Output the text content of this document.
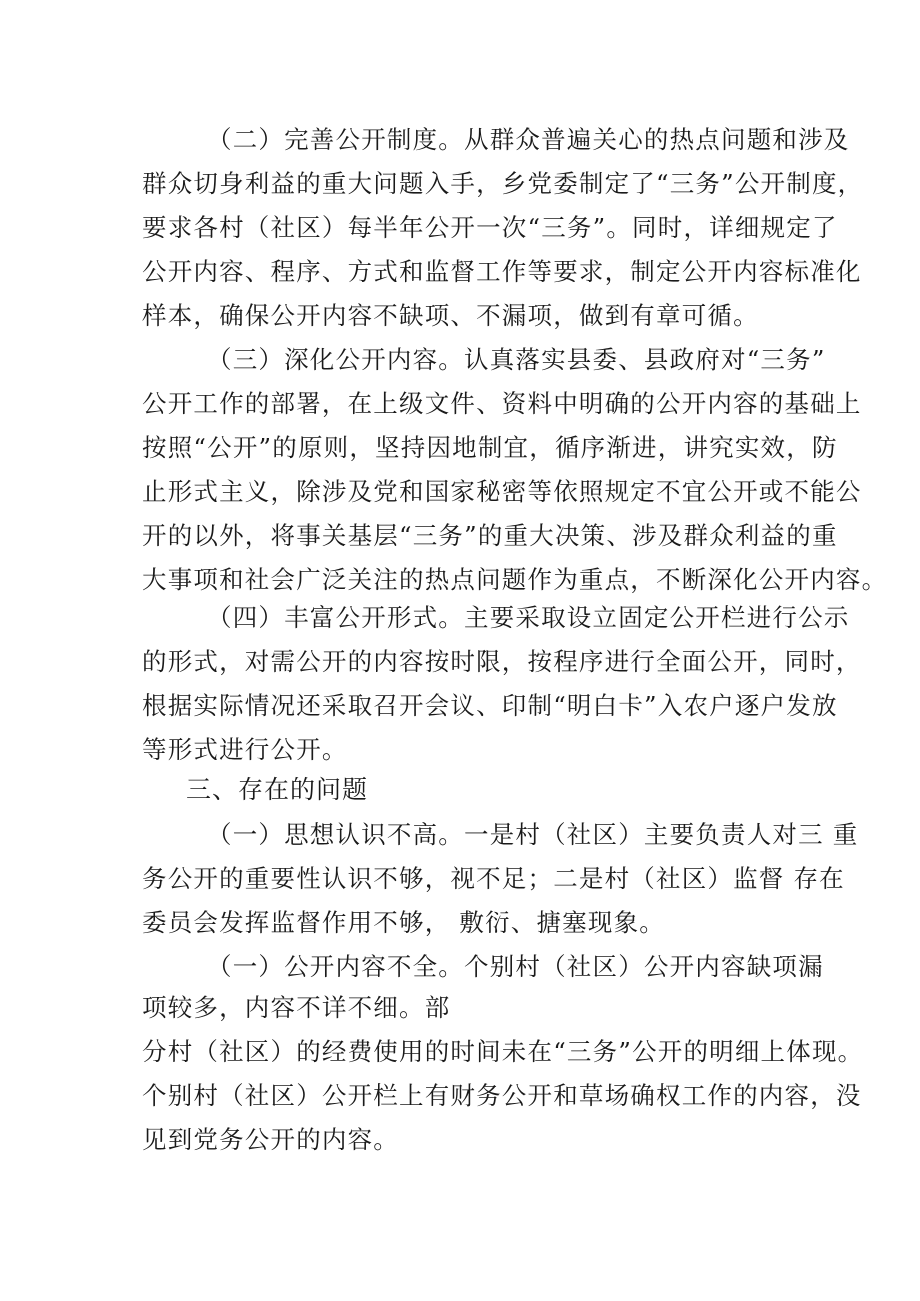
（二）完善公开制度。从群众普遍关心的热点问题和涉及
群众切身利益的重大问题入手，乡党委制定了“三务”公开制度，
要求各村（社区）每半年公开一次“三务”。同时，详细规定了
公开内容、程序、方式和监督工作等要求，制定公开内容标准化
样本，确保公开内容不缺项、不漏项，做到有章可循。
（三）深化公开内容。认真落实县委、县政府对“三务”
公开工作的部署，在上级文件、资料中明确的公开内容的基础上
按照“公开”的原则，坚持因地制宜，循序渐进，讲究实效，防
止形式主义，除涉及党和国家秘密等依照规定不宜公开或不能公
开的以外，将事关基层“三务”的重大决策、涉及群众利益的重
大事项和社会广泛关注的热点问题作为重点，不断深化公开内容。
（四）丰富公开形式。主要采取设立固定公开栏进行公示
的形式，对需公开的内容按时限，按程序进行全面公开，同时，
根据实际情况还采取召开会议、印制“明白卡”入农户逐户发放
等形式进行公开。
三、存在的问题
（一）思想认识不高。一是村（社区）主要负责人对三 重
务公开的重要性认识不够，视不足；二是村（社区）监督 存在
委员会发挥监督作用不够， 敷衍、搪塞现象。
（一）公开内容不全。个别村（社区）公开内容缺项漏
项较多，内容不详不细。部
分村（社区）的经费使用的时间未在“三务”公开的明细上体现。
个别村（社区）公开栏上有财务公开和草场确权工作的内容，没
见到党务公开的内容。
